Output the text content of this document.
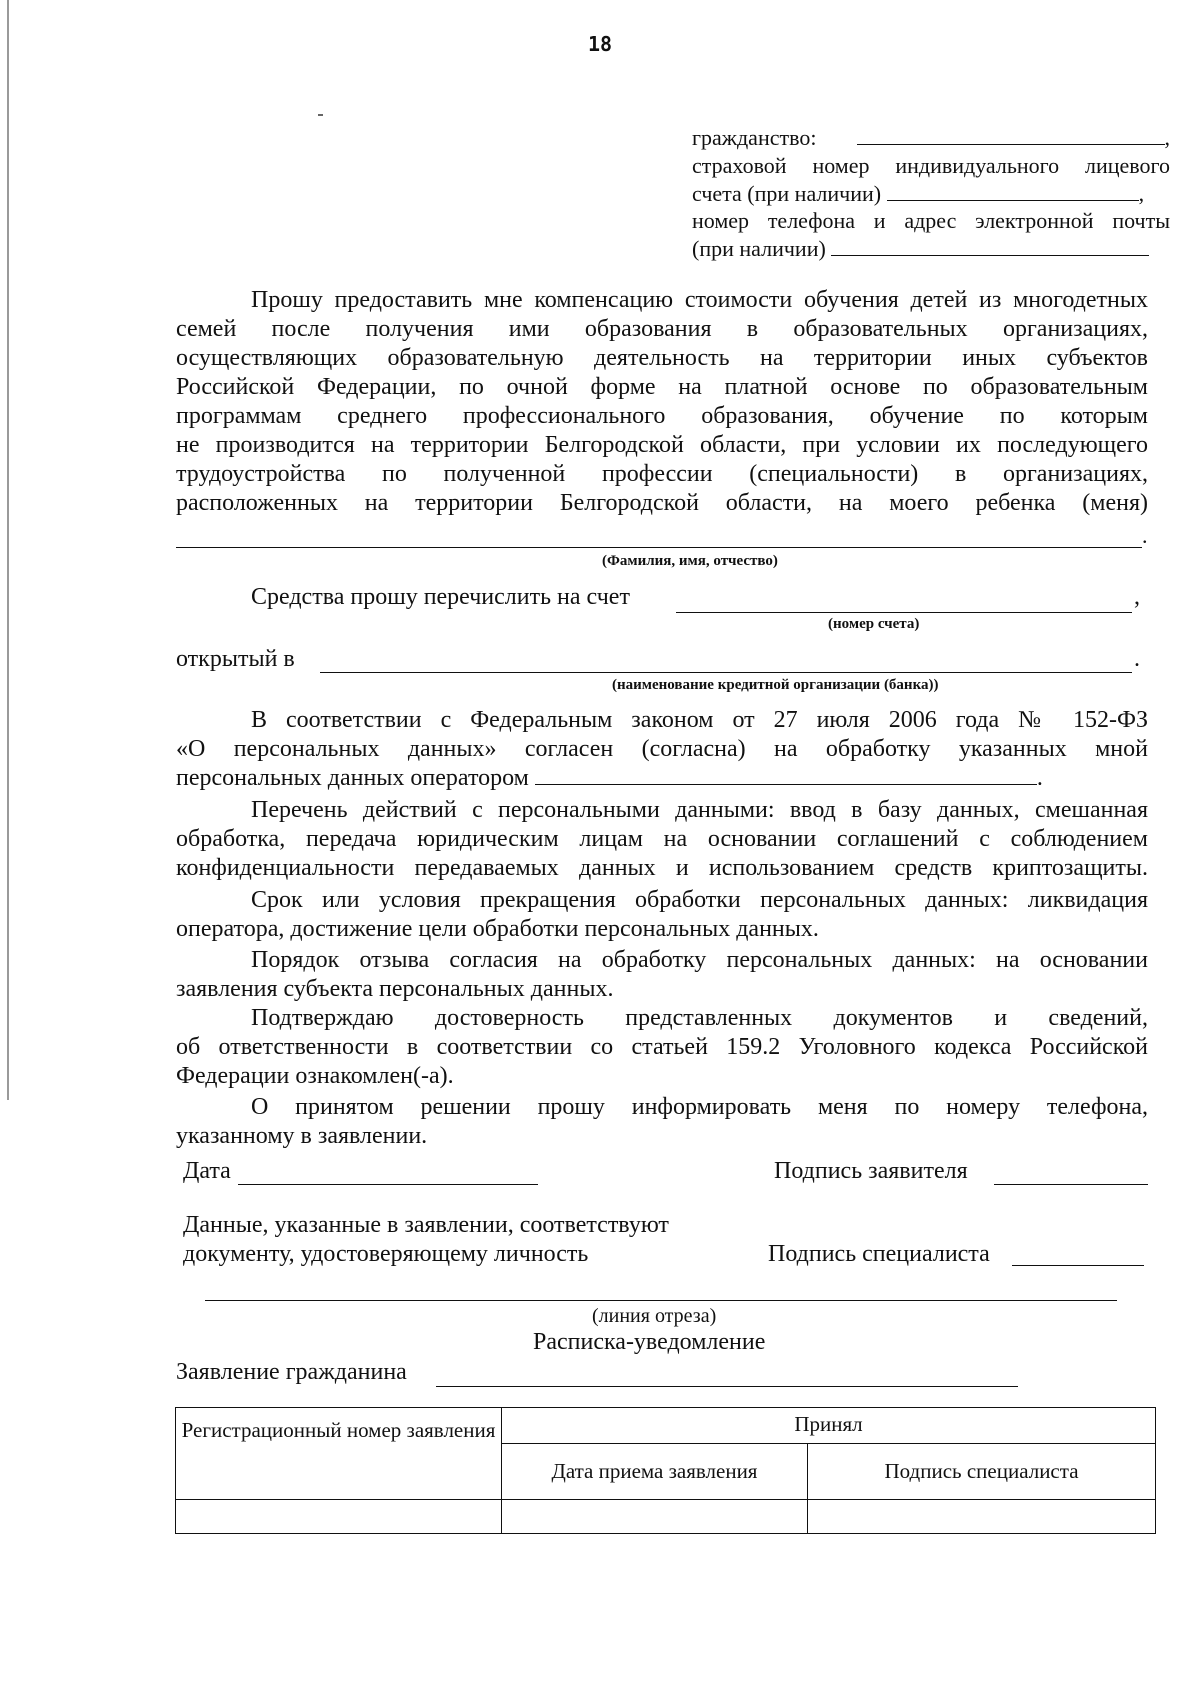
18
гражданство:	,
страховой номер индивидуального лицевого
счета (при наличии)	,
номер телефона и адрес электронной почты
(при наличии)
Прошу предоставить мне компенсацию стоимости обучения детей из многодетных
семей после получения ими образования в образовательных организациях,
осуществляющих образовательную деятельность на территории иных субъектов
Российской Федерации, по очной форме на платной основе по образовательным
программам среднего профессионального образования, обучение по которым
не производится на территории Белгородской области, при условии их последующего
трудоустройства по полученной профессии (специальности) в организациях,
расположенных на территории Белгородской области, на моего ребенка (меня)
.
(Фамилия, имя, отчество)
Средства прошу перечислить на счет	,
(номер счета)
открытый в	.
(наименование кредитной организации (банка))
В соответствии с Федеральным законом от 27 июля 2006 года № 152-ФЗ
«О персональных данных» согласен (согласна) на обработку указанных мной
персональных данных оператором	.
Перечень действий с персональными данными: ввод в базу данных, смешанная
обработка, передача юридическим лицам на основании соглашений с соблюдением
конфиденциальности передаваемых данных и использованием средств криптозащиты.
Срок или условия прекращения обработки персональных данных: ликвидация
оператора, достижение цели обработки персональных данных.
Порядок отзыва согласия на обработку персональных данных: на основании
заявления субъекта персональных данных.
Подтверждаю достоверность представленных документов и сведений,
об ответственности в соответствии со статьей 159.2 Уголовного кодекса Российской
Федерации ознакомлен(-а).
О принятом решении прошу информировать меня по номеру телефона,
указанному в заявлении.
Дата	Подпись заявителя
Данные, указанные в заявлении, соответствуют
документу, удостоверяющему личность	Подпись специалиста
(линия отреза)
Расписка-уведомление
Заявление гражданина
Регистрационный номер заявления	Принял	
	Дата приема заявления	Подпись специалиста
